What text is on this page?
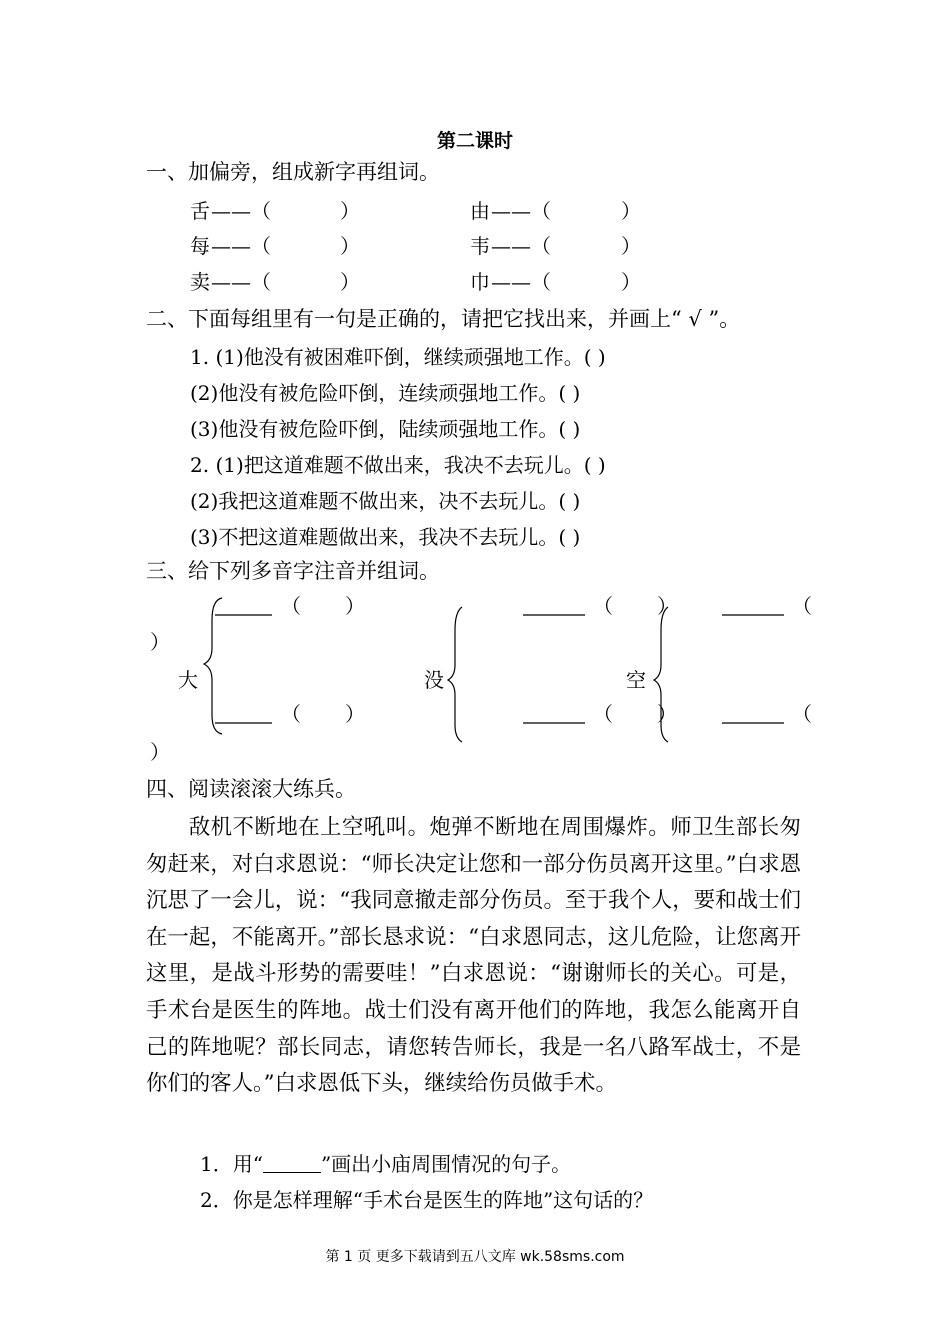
第二课时
一、加偏旁，组成新字再组词。
舌 ——（	）	由 ——（	）
每 ——（	）	韦 ——（	）
卖 ——（	）	巾 ——（	）
二、下面每组里有一句是正确的，请把它找出来，并画上“ √ ”。
1. (1)他没有被困难吓倒，继续顽强地工作。( )
(2)他没有被危险吓倒，连续顽强地工作。( )
(3)他没有被危险吓倒，陆续顽强地工作。( )
2. (1)把这道难题不做出来，我决不去玩儿。( )
(2)我把这道难题不做出来，决不去玩儿。( )
(3)不把这道难题做出来，我决不去玩儿。( )
三、给下列多音字注音并组词。
大	没	空
（ ）
（ ）
（ ）
（ ）
（
）
（
）
四、阅读滚滚大练兵。
敌机不断地在上空吼叫。炮弹不断地在周围爆炸。师卫生部长匆匆赶来，对白求恩说：“师长决定让您和一部分伤员离开这里。”白求恩沉思了一会儿，说：“我同意撤走部分伤员。至于我个人，要和战士们在一起，不能离开。”部长恳求说：“白求恩同志，这儿危险，让您离开这里，是战斗形势的需要哇！”白求恩说：“谢谢师长的关心。可是，手术台是医生的阵地。战士们没有离开他们的阵地，我怎么能离开自己的阵地呢？部长同志，请您转告师长，我是一名八路军战士，不是你们的客人。”白求恩低下头，继续给伤员做手术。
1．用“	”画出小庙周围情况的句子。
2．你是怎样理解“手术台是医生的阵地”这句话的？
第 1 页 更多下载请到五八文库 wk.58sms.com
